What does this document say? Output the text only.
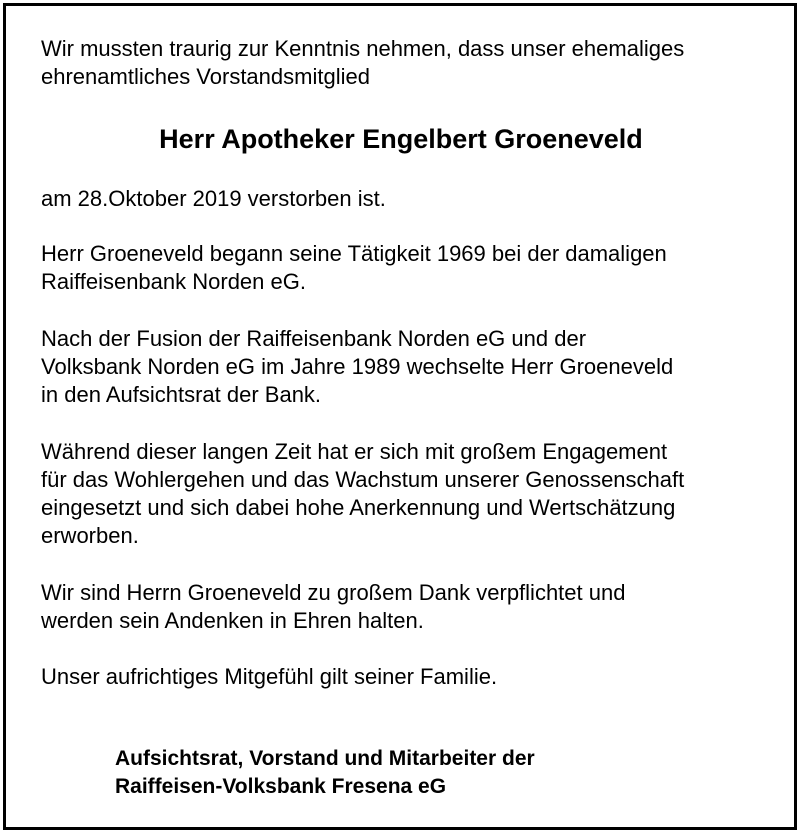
Wir mussten traurig zur Kenntnis nehmen, dass unser ehemaliges
ehrenamtliches Vorstandsmitglied

Herr Apotheker Engelbert Groeneveld

am 28.Oktober 2019 verstorben ist.

Herr Groeneveld begann seine Tätigkeit 1969 bei der damaligen
Raiffeisenbank Norden eG.

Nach der Fusion der Raiffeisenbank Norden eG und der
Volksbank Norden eG im Jahre 1989 wechselte Herr Groeneveld
in den Aufsichtsrat der Bank.

Während dieser langen Zeit hat er sich mit großem Engagement
für das Wohlergehen und das Wachstum unserer Genossenschaft
eingesetzt und sich dabei hohe Anerkennung und Wertschätzung
erworben.

Wir sind Herrn Groeneveld zu großem Dank verpflichtet und
werden sein Andenken in Ehren halten.

Unser aufrichtiges Mitgefühl gilt seiner Familie.

Aufsichtsrat, Vorstand und Mitarbeiter der
Raiffeisen-Volksbank Fresena eG
